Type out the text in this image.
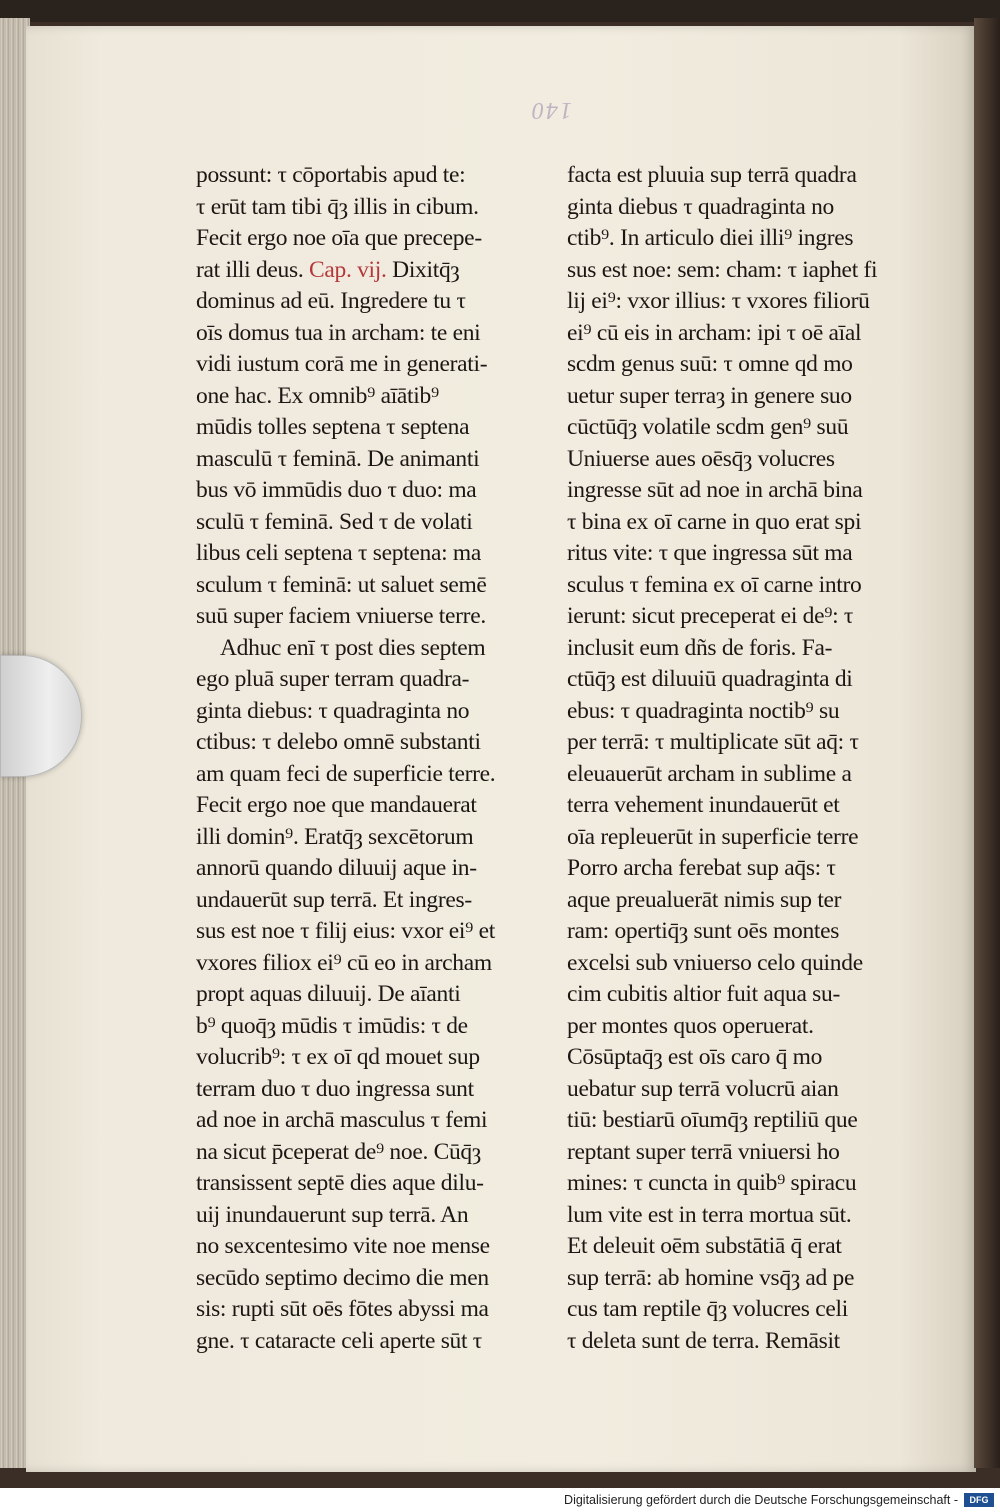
140
possunt: τ cōportabis apud te:
τ erūt tam tibi q̄ȝ illis in cibum.
Fecit ergo noe oīa que precepe-
rat illi deus. Cap. vij. Dixitq̄ȝ
dominus ad eū. Ingredere tu τ
oīs domus tua in archam: te eni
vidi iustum corā me in generati-
one hac. Ex omnib⁹ aīātib⁹
mūdis tolles septena τ septena
masculū τ feminā. De animanti
bus vō immūdis duo τ duo: ma
sculū τ feminā. Sed τ de volati
libus celi septena τ septena: ma
sculum τ feminā: ut saluet semē
suū super faciem vniuerse terre.
Adhuc enī τ post dies septem
ego pluā super terram quadra-
ginta diebus: τ quadraginta no
ctibus: τ delebo omnē substanti
am quam feci de superficie terre.
Fecit ergo noe que mandauerat
illi domin⁹. Eratq̄ȝ sexcētorum
annorū quando diluuij aque in-
undauerūt sup terrā. Et ingres-
sus est noe τ filij eius: vxor ei⁹ et
vxores filiox ei⁹ cū eo in archam
propt aquas diluuij. De aīanti
b⁹ quoq̄ȝ mūdis τ imūdis: τ de
volucrib⁹: τ ex oī qd mouet sup
terram duo τ duo ingressa sunt
ad noe in archā masculus τ femi
na sicut p̄ceperat de⁹ noe. Cūq̄ȝ
transissent septē dies aque dilu-
uij inundauerunt sup terrā. An
no sexcentesimo vite noe mense
secūdo septimo decimo die men
sis: rupti sūt oēs fōtes abyssi ma
gne. τ cataracte celi aperte sūt τ
facta est pluuia sup terrā quadra
ginta diebus τ quadraginta no
ctib⁹. In articulo diei illi⁹ ingres
sus est noe: sem: cham: τ iaphet fi
lij ei⁹: vxor illius: τ vxores filiorū
ei⁹ cū eis in archam: ipi τ oē aīal
scdm genus suū: τ omne qd mo
uetur super terraȝ in genere suo
cūctūq̄ȝ volatile scdm gen⁹ suū
Uniuerse aues oēsq̄ȝ volucres
ingresse sūt ad noe in archā bina
τ bina ex oī carne in quo erat spi
ritus vite: τ que ingressa sūt ma
sculus τ femina ex oī carne intro
ierunt: sicut preceperat ei de⁹: τ
inclusit eum dñs de foris. Fa-
ctūq̄ȝ est diluuiū quadraginta di
ebus: τ quadraginta noctib⁹ su
per terrā: τ multiplicate sūt aq̄: τ
eleuauerūt archam in sublime a
terra vehement inundauerūt et
oīa repleuerūt in superficie terre
Porro archa ferebat sup aq̄s: τ
aque preualuerāt nimis sup ter
ram: opertiq̄ȝ sunt oēs montes
excelsi sub vniuerso celo quinde
cim cubitis altior fuit aqua su-
per montes quos operuerat.
Cōsūptaq̄ȝ est oīs caro q̄ mo
uebatur sup terrā volucrū aian
tiū: bestiarū oīumq̄ȝ reptiliū que
reptant super terrā vniuersi ho
mines: τ cuncta in quib⁹ spiracu
lum vite est in terra mortua sūt.
Et deleuit oēm substātiā q̄ erat
sup terrā: ab homine vsq̄ȝ ad pe
cus tam reptile q̄ȝ volucres celi
τ deleta sunt de terra. Remāsit
Digitalisierung gefördert durch die Deutsche Forschungsgemeinschaft -	DFG
